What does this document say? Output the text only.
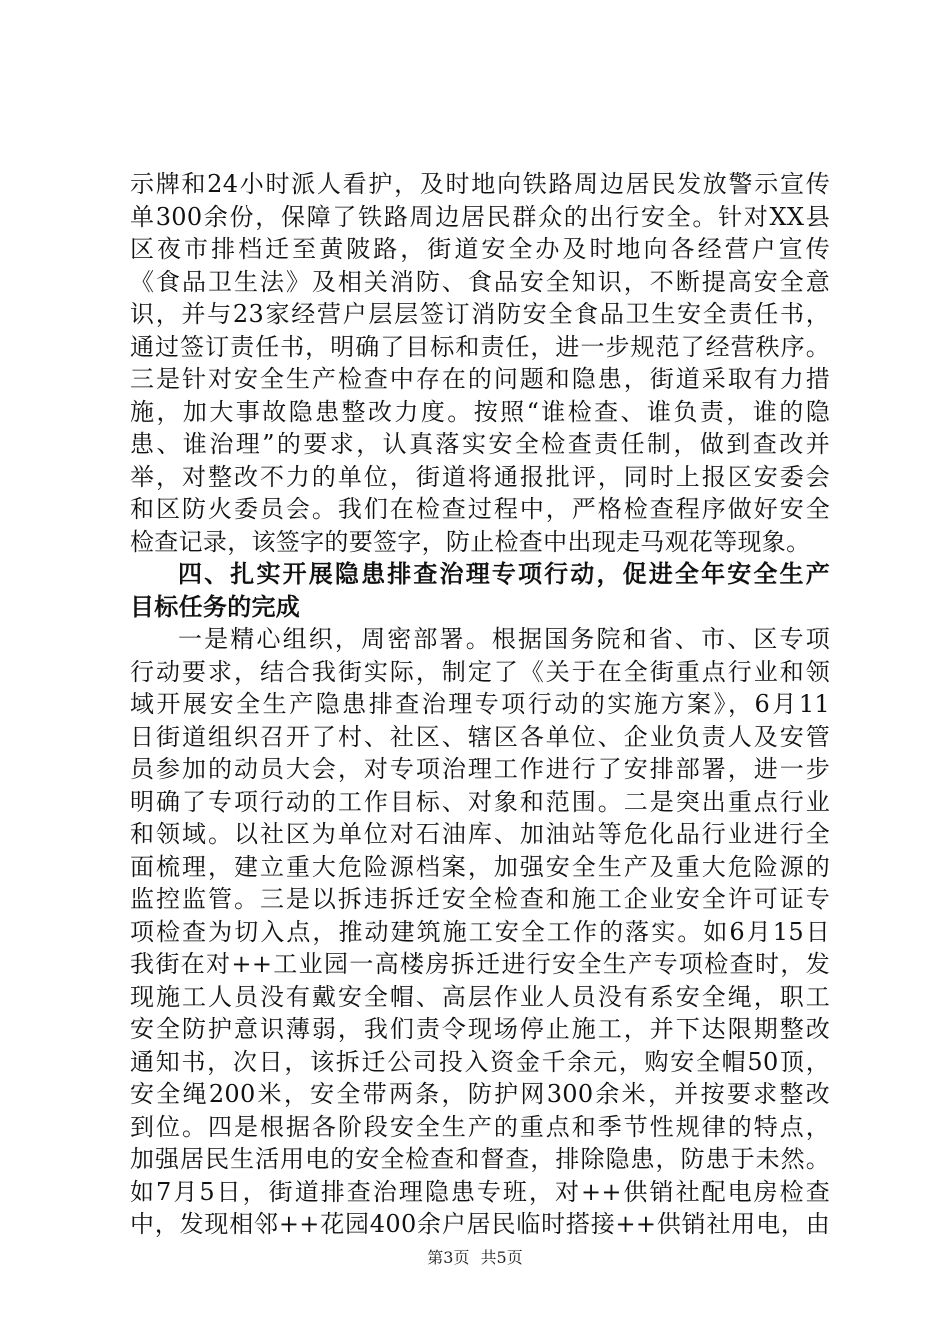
示牌和24小时派人看护，及时地向铁路周边居民发放警示宣传
单300余份，保障了铁路周边居民群众的出行安全。针对XX县
区夜市排档迁至黄陂路，街道安全办及时地向各经营户宣传
《食品卫生法》及相关消防、食品安全知识，不断提高安全意
识，并与23家经营户层层签订消防安全食品卫生安全责任书，
通过签订责任书，明确了目标和责任，进一步规范了经营秩序。
三是针对安全生产检查中存在的问题和隐患，街道采取有力措
施，加大事故隐患整改力度。按照“谁检查、谁负责，谁的隐
患、谁治理”的要求，认真落实安全检查责任制，做到查改并
举，对整改不力的单位，街道将通报批评，同时上报区安委会
和区防火委员会。我们在检查过程中，严格检查程序做好安全
检查记录，该签字的要签字，防止检查中出现走马观花等现象。
四、扎实开展隐患排查治理专项行动，促进全年安全生产
目标任务的完成
一是精心组织，周密部署。根据国务院和省、市、区专项
行动要求，结合我街实际，制定了《关于在全街重点行业和领
域开展安全生产隐患排查治理专项行动的实施方案》，6月11
日街道组织召开了村、社区、辖区各单位、企业负责人及安管
员参加的动员大会，对专项治理工作进行了安排部署，进一步
明确了专项行动的工作目标、对象和范围。二是突出重点行业
和领域。以社区为单位对石油库、加油站等危化品行业进行全
面梳理，建立重大危险源档案，加强安全生产及重大危险源的
监控监管。三是以拆违拆迁安全检查和施工企业安全许可证专
项检查为切入点，推动建筑施工安全工作的落实。如6月15日
我街在对++工业园一高楼房拆迁进行安全生产专项检查时，发
现施工人员没有戴安全帽、高层作业人员没有系安全绳，职工
安全防护意识薄弱，我们责令现场停止施工，并下达限期整改
通知书，次日，该拆迁公司投入资金千余元，购安全帽50顶，
安全绳200米，安全带两条，防护网300余米，并按要求整改
到位。四是根据各阶段安全生产的重点和季节性规律的特点，
加强居民生活用电的安全检查和督查，排除隐患，防患于未然。
如7月5日，街道排查治理隐患专班，对++供销社配电房检查
中，发现相邻++花园400余户居民临时搭接++供销社用电，由
第3页 共5页
